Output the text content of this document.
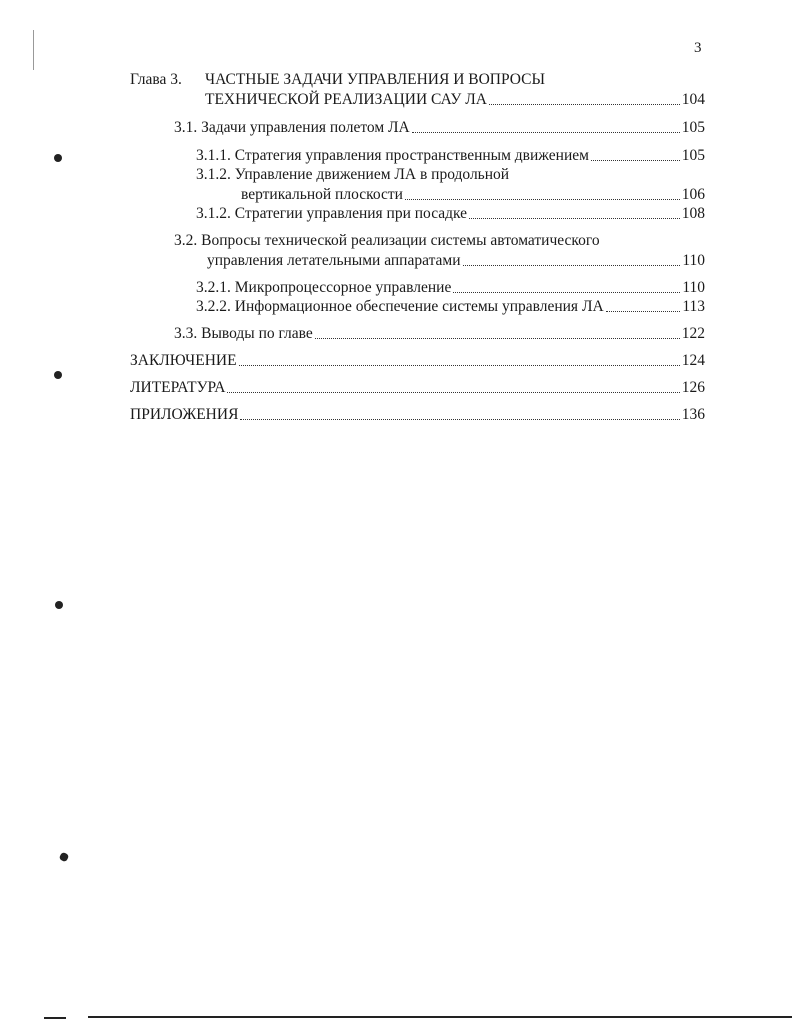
3
Глава 3. ЧАСТНЫЕ ЗАДАЧИ УПРАВЛЕНИЯ И ВОПРОСЫ
ТЕХНИЧЕСКОЙ РЕАЛИЗАЦИИ САУ ЛА	104
3.1. Задачи управления полетом ЛА	105
3.1.1. Стратегия управления пространственным движением	105
3.1.2. Управление движением ЛА в продольной
вертикальной плоскости	106
3.1.2. Стратегии управления при посадке	108
3.2. Вопросы технической реализации системы автоматического
управления летательными аппаратами	110
3.2.1. Микропроцессорное управление	110
3.2.2. Информационное обеспечение системы управления ЛА	113
3.3. Выводы по главе	122
ЗАКЛЮЧЕНИЕ	124
ЛИТЕРАТУРА	126
ПРИЛОЖЕНИЯ	136
